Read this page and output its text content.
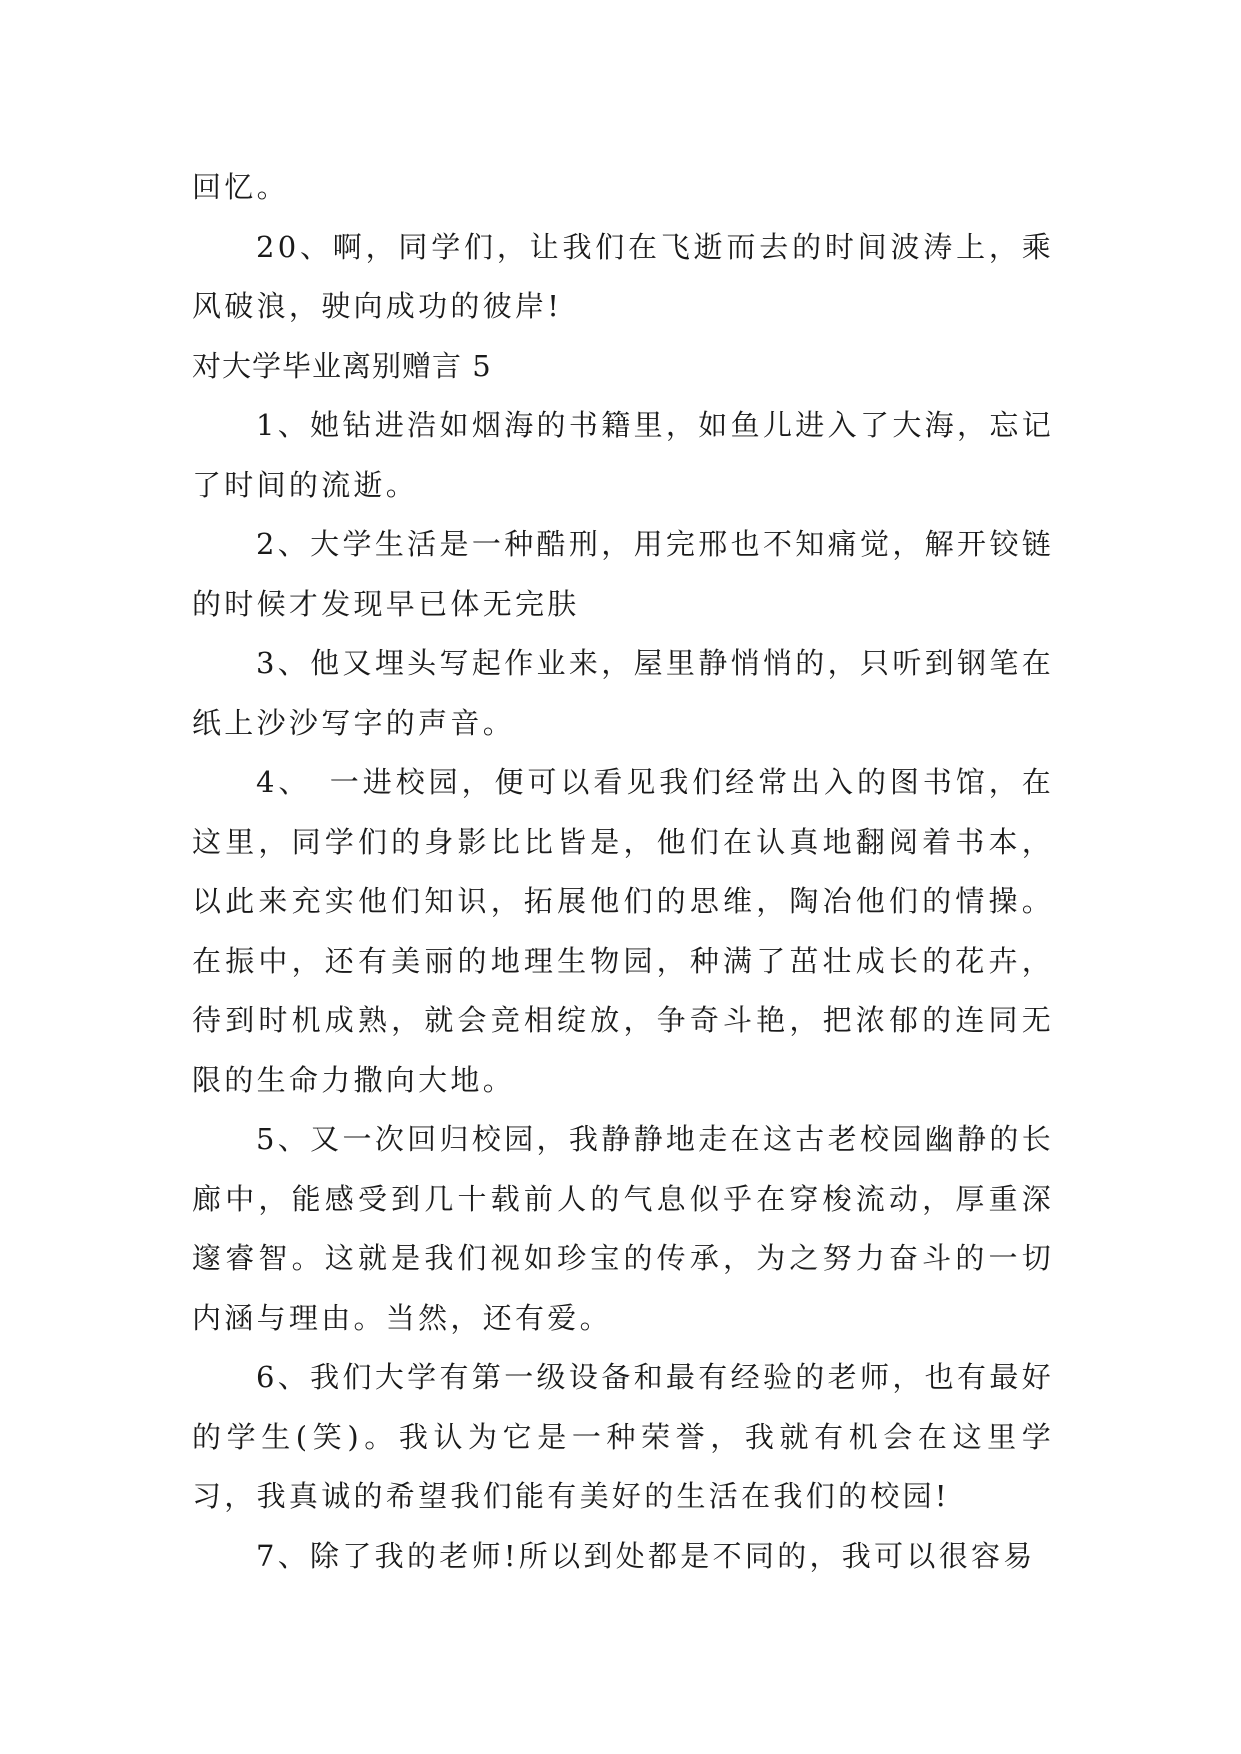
回忆。

20、啊，同学们，让我们在飞逝而去的时间波涛上，乘风破浪，驶向成功的彼岸!

对大学毕业离别赠言 5

1、她钻进浩如烟海的书籍里，如鱼儿进入了大海，忘记了时间的流逝。

2、大学生活是一种酷刑，用完邢也不知痛觉，解开铰链的时候才发现早已体无完肤

3、他又埋头写起作业来，屋里静悄悄的，只听到钢笔在纸上沙沙写字的声音。

4、　一进校园，便可以看见我们经常出入的图书馆，在这里，同学们的身影比比皆是，他们在认真地翻阅着书本，以此来充实他们知识，拓展他们的思维，陶冶他们的情操。在振中，还有美丽的地理生物园，种满了茁壮成长的花卉，待到时机成熟，就会竞相绽放，争奇斗艳，把浓郁的连同无限的生命力撒向大地。

5、又一次回归校园，我静静地走在这古老校园幽静的长廊中，能感受到几十载前人的气息似乎在穿梭流动，厚重深邃睿智。这就是我们视如珍宝的传承，为之努力奋斗的一切内涵与理由。当然，还有爱。

6、我们大学有第一级设备和最有经验的老师，也有最好的学生(笑)。我认为它是一种荣誉，我就有机会在这里学习，我真诚的希望我们能有美好的生活在我们的校园!

7、除了我的老师!所以到处都是不同的，我可以很容易
